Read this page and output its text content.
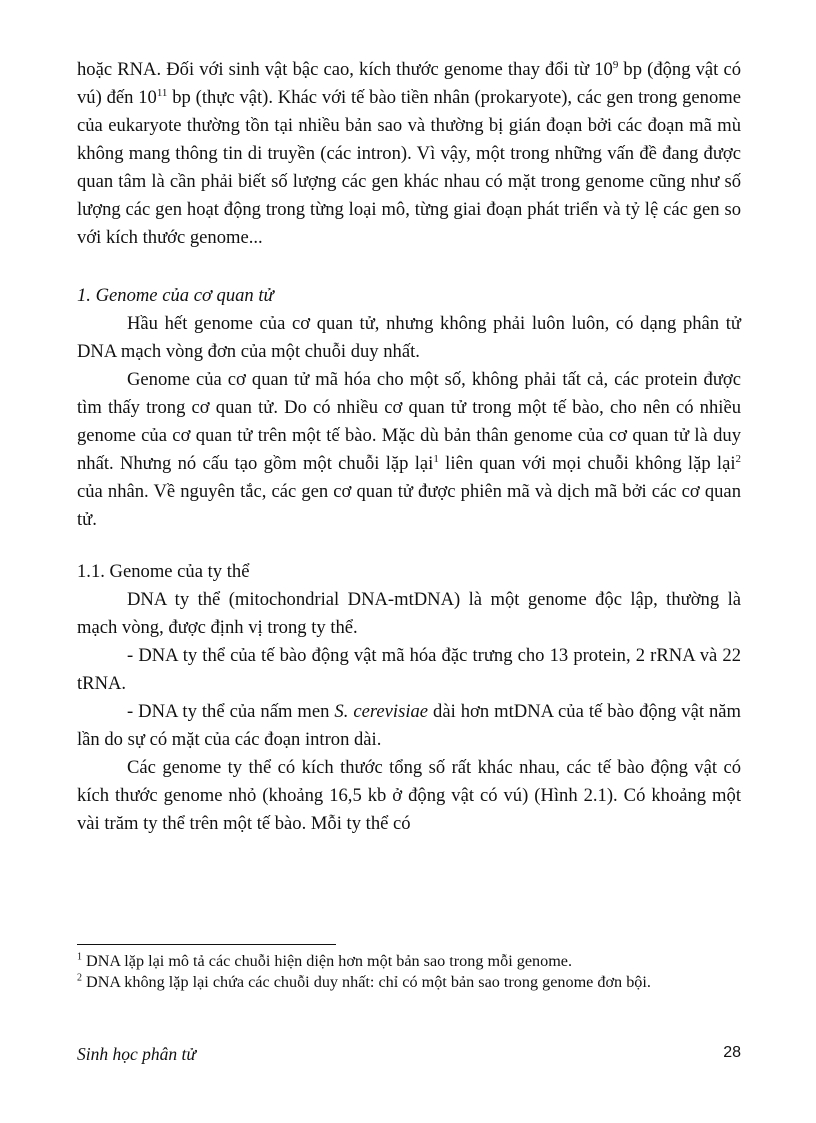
hoặc RNA. Đối với sinh vật bậc cao, kích thước genome thay đổi từ $10^9$ bp (động vật có vú) đến $10^{11}$ bp (thực vật). Khác với tế bào tiền nhân (prokaryote), các gen trong genome của eukaryote thường tồn tại nhiều bản sao và thường bị gián đoạn bởi các đoạn mã mù không mang thông tin di truyền (các intron). Vì vậy, một trong những vấn đề đang được quan tâm là cần phải biết số lượng các gen khác nhau có mặt trong genome cũng như số lượng các gen hoạt động trong từng loại mô, từng giai đoạn phát triển và tỷ lệ các gen so với kích thước genome...

1. Genome của cơ quan tử

Hầu hết genome của cơ quan tử, nhưng không phải luôn luôn, có dạng phân tử DNA mạch vòng đơn của một chuỗi duy nhất.

Genome của cơ quan tử mã hóa cho một số, không phải tất cả, các protein được tìm thấy trong cơ quan tử. Do có nhiều cơ quan tử trong một tế bào, cho nên có nhiều genome của cơ quan tử trên một tế bào. Mặc dù bản thân genome của cơ quan tử là duy nhất. Nhưng nó cấu tạo gồm một chuỗi lặp lại$^1$ liên quan với mọi chuỗi không lặp lại$^2$ của nhân. Về nguyên tắc, các gen cơ quan tử được phiên mã và dịch mã bởi các cơ quan tử.

1.1. Genome của ty thể

DNA ty thể (mitochondrial DNA-mtDNA) là một genome độc lập, thường là mạch vòng, được định vị trong ty thể.

- DNA ty thể của tế bào động vật mã hóa đặc trưng cho 13 protein, 2 rRNA và 22 tRNA.

- DNA ty thể của nấm men S. cerevisiae dài hơn mtDNA của tế bào động vật năm lần do sự có mặt của các đoạn intron dài.

Các genome ty thể có kích thước tổng số rất khác nhau, các tế bào động vật có kích thước genome nhỏ (khoảng 16,5 kb ở động vật có vú) (Hình 2.1). Có khoảng một vài trăm ty thể trên một tế bào. Mỗi ty thể có

$^1$ DNA lặp lại mô tả các chuỗi hiện diện hơn một bản sao trong mỗi genome.

$^2$ DNA không lặp lại chứa các chuỗi duy nhất: chỉ có một bản sao trong genome đơn bội.

Sinh học phân tử	28
